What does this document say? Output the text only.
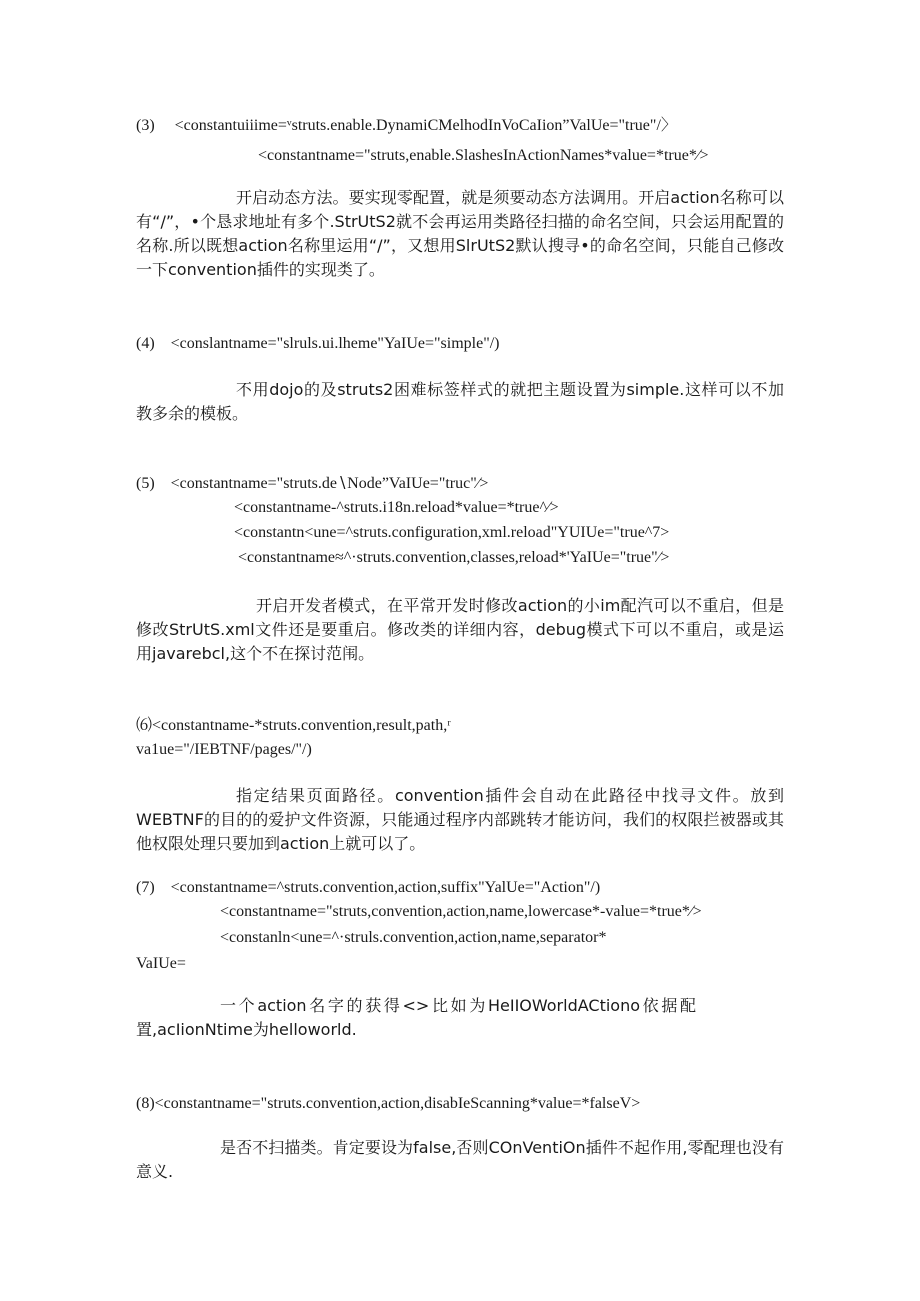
(3) <constantuiiime=ᵛstruts.enable.DynamiCMelhodInVoCaIion”ValUe="true"/〉
<constantname="struts,enable.SlashesInActionNames*value=*true*∕>
开启动态方法。要实现零配置，就是须要动态方法调用。开启action名称可以有“/”，•个恳求地址有多个.StrUtS2就不会再运用类路径扫描的命名空间，只会运用配置的名称.所以既想action名称里运用“/”，又想用SlrUtS2默认搜寻•的命名空间，只能自己修改一下convention插件的实现类了。
(4) <conslantname="slruls.ui.lheme"YaIUe="simple"/)
不用dojo的及struts2困难标签样式的就把主题设置为simple.这样可以不加教多余的模板。
(5) <constantname="struts.de∖Node”VaIUe="truc"∕>
<constantname-^struts.i18n.reload*value=*true^∕>
<constantn<une=^struts.configuration,xml.reload"YUIUe="true^7>
<constantname≈^·struts.convention,classes,reload*'YaIUe="true"∕>
开启开发者模式，在平常开发时修改action的小im配汽可以不重启，但是修改StrUtS.xml文件还是要重启。修改类的详细内容，debug模式下可以不重启，或是运用javarebcl,这个不在探讨范闱。
⑹<constantname-*struts.convention,result,path,ʳ
va1ue="/IEBTNF/pages/"/)
指定结果页面路径。convention插件会自动在此路径中找寻文件。放到WEBTNF的目的的爱护文件资源，只能通过程序内部跳转才能访问，我们的权限拦被器或其他权限处理只要加到action上就可以了。
(7) <constantname=^struts.convention,action,suffix"YalUe="Action"/)
<constantname="struts,convention,action,name,lowercase*-value=*true*∕>
<constanln<une=^·struls.convention,action,name,separator*
VaIUe=
一个action名字的获得<>比如为HeIIOWorldACtiono依据配置,acIionNtime为helloworld.
(8)<constantname="struts.convention,action,disabIeScanning*value=*falseV>
是否不扫描类。肯定要设为false,否则COnVentiOn插件不起作用,零配理也没有意义.
